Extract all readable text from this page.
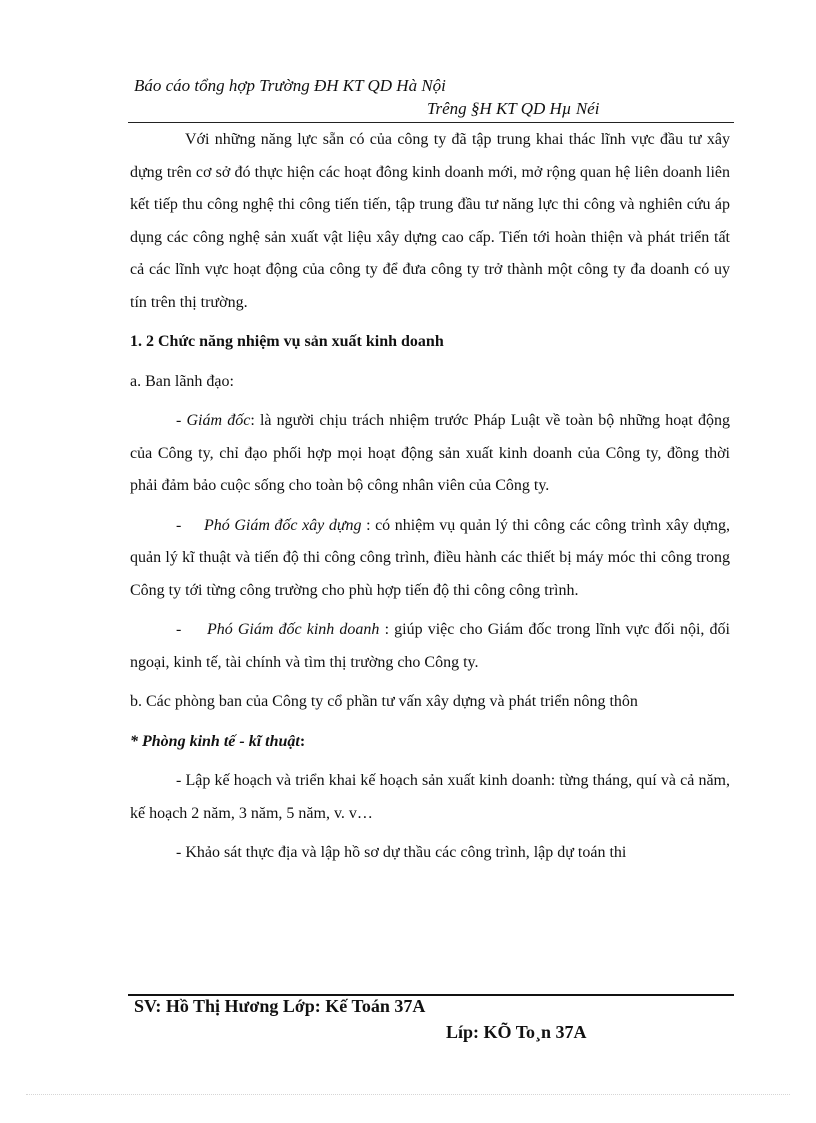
Báo cáo tổng hợp Trường ĐH KT QD Hà Nội
Trêng §H KT QD Hµ Néi

Với những năng lực sẵn có của công ty đã tập trung khai thác lĩnh vực đầu tư xây dựng trên cơ sở đó thực hiện các hoạt đông kinh doanh mới, mở rộng quan hệ liên doanh liên kết tiếp thu công nghệ thi công tiến tiến, tập trung đầu tư năng lực thi công và nghiên cứu áp dụng các công nghệ sản xuất vật liệu xây dựng cao cấp. Tiến tới hoàn thiện và phát triển tất cả các lĩnh vực hoạt động của công ty để đưa công ty trở thành một công ty đa doanh có uy tín trên thị trường.

1. 2 Chức năng nhiệm vụ sản xuất kinh doanh

a. Ban lãnh đạo:

- Giám đốc: là người chịu trách nhiệm trước Pháp Luật về toàn bộ những hoạt động của Công ty, chỉ đạo phối hợp mọi hoạt động sản xuất kinh doanh của Công ty, đồng thời phải đảm bảo cuộc sống cho toàn bộ công nhân viên của Công ty.

-     Phó Giám đốc xây dựng : có nhiệm vụ quản lý thi công các công trình xây dựng, quản lý kĩ thuật và tiến độ thi công công trình, điều hành các thiết bị máy móc thi công trong Công ty tới từng công trường cho phù hợp tiến độ thi công công trình.

-     Phó Giám đốc kinh doanh : giúp việc cho Giám đốc trong lĩnh vực đối nội, đối ngoại, kinh tế, tài chính và tìm thị trường cho Công ty.

b. Các phòng ban của Công ty cổ phần tư vấn xây dựng và phát triển nông thôn

* Phòng kinh tế - kĩ thuật:

- Lập kế hoạch và triển khai kế hoạch sản xuất kinh doanh: từng tháng, quí và cả năm, kế hoạch 2 năm, 3 năm, 5 năm, v. v…

- Khảo sát thực địa và lập hồ sơ dự thầu các công trình, lập dự toán thi

SV: Hồ Thị Hương Lớp: Kế Toán 37A
Líp: KÕ To¸n 37A
